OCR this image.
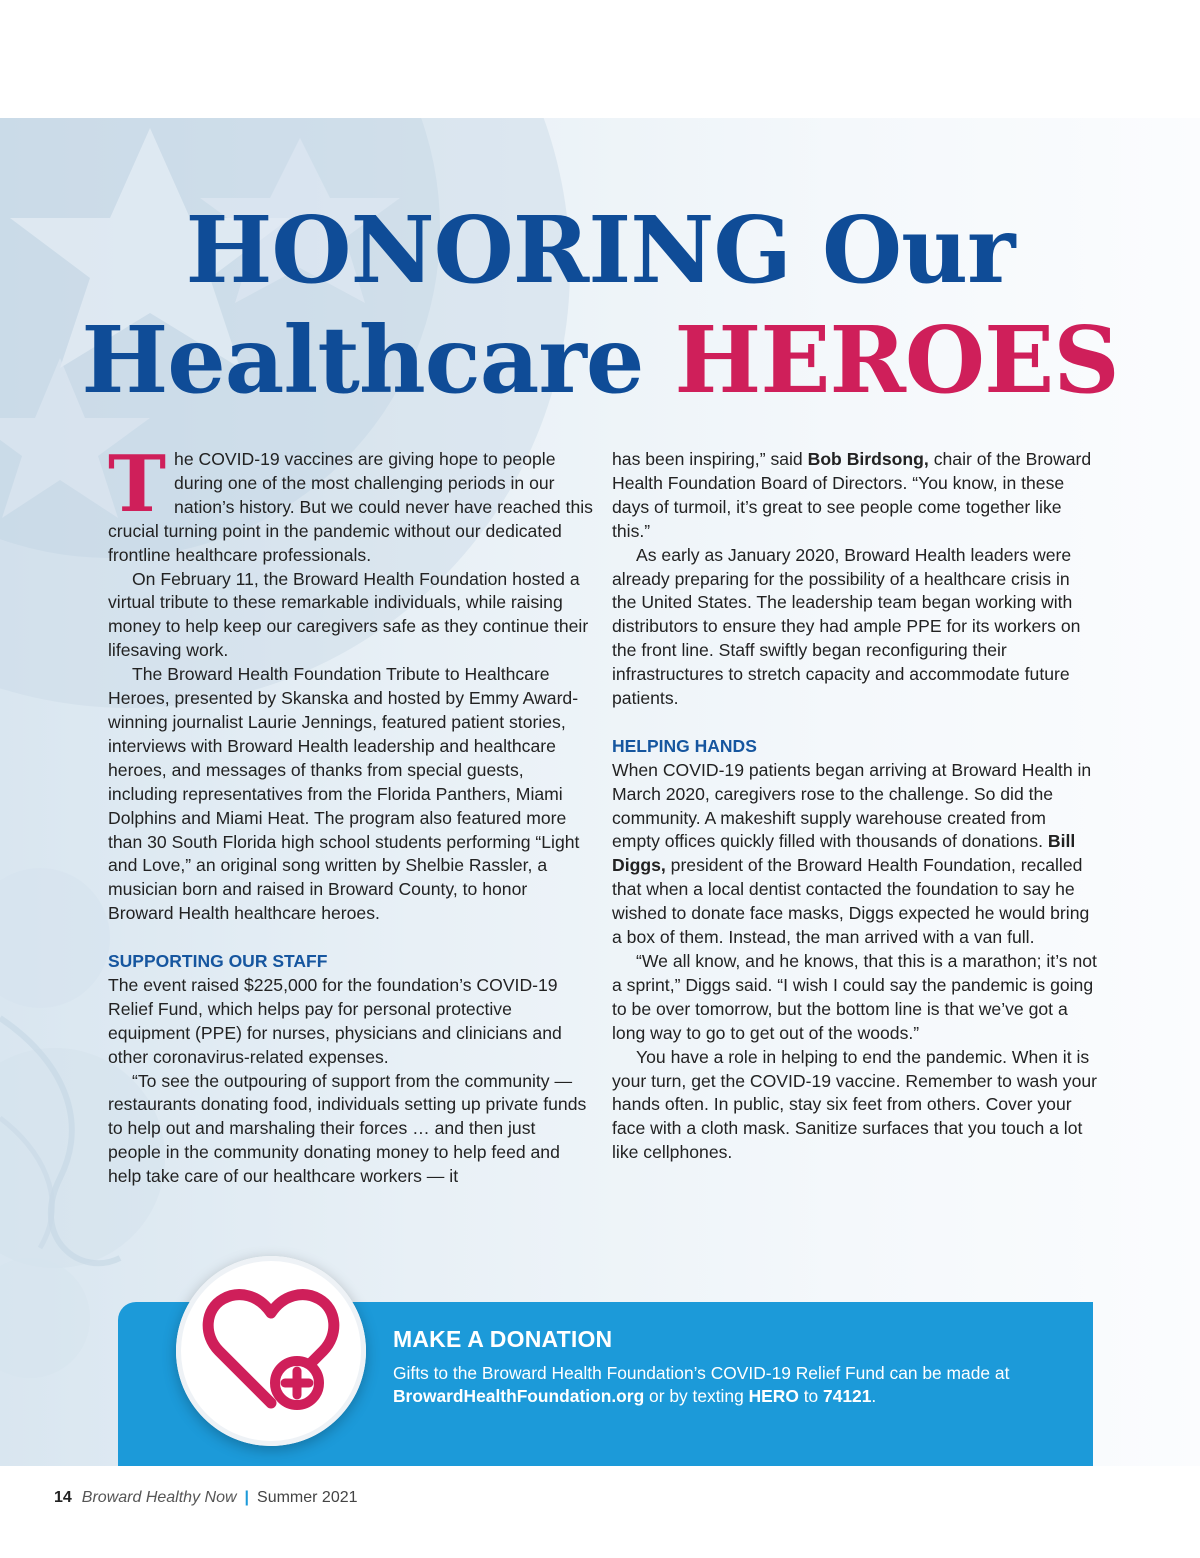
HONORING Our
Healthcare HEROES

The COVID-19 vaccines are giving hope to people during one of the most challenging periods in our nation’s history. But we could never have reached this crucial turning point in the pandemic without our dedicated frontline healthcare professionals.

On February 11, the Broward Health Foundation hosted a virtual tribute to these remarkable individuals, while raising money to help keep our caregivers safe as they continue their lifesaving work.

The Broward Health Foundation Tribute to Healthcare Heroes, presented by Skanska and hosted by Emmy Award-winning journalist Laurie Jennings, featured patient stories, interviews with Broward Health leadership and healthcare heroes, and messages of thanks from special guests, including representatives from the Florida Panthers, Miami Dolphins and Miami Heat. The program also featured more than 30 South Florida high school students performing “Light and Love,” an original song written by Shelbie Rassler, a musician born and raised in Broward County, to honor Broward Health healthcare heroes.

SUPPORTING OUR STAFF

The event raised $225,000 for the foundation’s COVID-19 Relief Fund, which helps pay for personal protective equipment (PPE) for nurses, physicians and clinicians and other coronavirus-related expenses.

“To see the outpouring of support from the community — restaurants donating food, individuals setting up private funds to help out and marshaling their forces … and then just people in the community donating money to help feed and help take care of our healthcare workers — it

has been inspiring,” said Bob Birdsong, chair of the Broward Health Foundation Board of Directors. “You know, in these days of turmoil, it’s great to see people come together like this.”

As early as January 2020, Broward Health leaders were already preparing for the possibility of a healthcare crisis in the United States. The leadership team began working with distributors to ensure they had ample PPE for its workers on the front line. Staff swiftly began reconfiguring their infrastructures to stretch capacity and accommodate future patients.

HELPING HANDS

When COVID-19 patients began arriving at Broward Health in March 2020, caregivers rose to the challenge. So did the community. A makeshift supply warehouse created from empty offices quickly filled with thousands of donations. Bill Diggs, president of the Broward Health Foundation, recalled that when a local dentist contacted the foundation to say he wished to donate face masks, Diggs expected he would bring a box of them. Instead, the man arrived with a van full.

“We all know, and he knows, that this is a marathon; it’s not a sprint,” Diggs said. “I wish I could say the pandemic is going to be over tomorrow, but the bottom line is that we’ve got a long way to go to get out of the woods.”

You have a role in helping to end the pandemic. When it is your turn, get the COVID-19 vaccine. Remember to wash your hands often. In public, stay six feet from others. Cover your face with a cloth mask. Sanitize surfaces that you touch a lot like cellphones.

MAKE A DONATION
Gifts to the Broward Health Foundation’s COVID-19 Relief Fund can be made at BrowardHealthFoundation.org or by texting HERO to 74121.
14 Broward Healthy Now | Summer 2021
